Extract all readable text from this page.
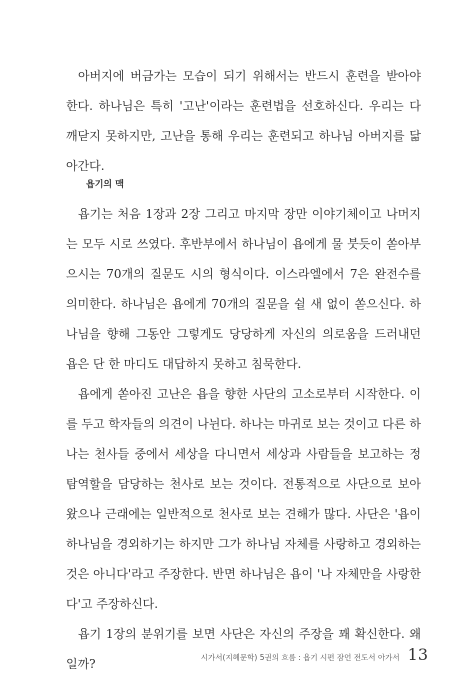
아버지에 버금가는 모습이 되기 위해서는 반드시 훈련을 받아야 한다. 하나님은 특히 '고난'이라는 훈련법을 선호하신다. 우리는 다 깨닫지 못하지만, 고난을 통해 우리는 훈련되고 하나님 아버지를 닮아간다.

욥기의 맥

욥기는 처음 1장과 2장 그리고 마지막 장만 이야기체이고 나머지는 모두 시로 쓰였다. 후반부에서 하나님이 욥에게 물 붓듯이 쏟아부으시는 70개의 질문도 시의 형식이다. 이스라엘에서 7은 완전수를 의미한다. 하나님은 욥에게 70개의 질문을 쉴 새 없이 쏟으신다. 하나님을 향해 그동안 그렇게도 당당하게 자신의 의로움을 드러내던 욥은 단 한 마디도 대답하지 못하고 침묵한다.

욥에게 쏟아진 고난은 욥을 향한 사단의 고소로부터 시작한다. 이를 두고 학자들의 의견이 나뉜다. 하나는 마귀로 보는 것이고 다른 하나는 천사들 중에서 세상을 다니면서 세상과 사람들을 보고하는 정탐역할을 담당하는 천사로 보는 것이다. 전통적으로 사단으로 보아 왔으나 근래에는 일반적으로 천사로 보는 견해가 많다. 사단은 '욥이 하나님을 경외하기는 하지만 그가 하나님 자체를 사랑하고 경외하는 것은 아니다'라고 주장한다. 반면 하나님은 욥이 '나 자체만을 사랑한다'고 주장하신다.

욥기 1장의 분위기를 보면 사단은 자신의 주장을 꽤 확신한다. 왜일까?	시가서(지혜문학) 5권의 흐름 : 욥기 시편 잠언 전도서 아가서 13
